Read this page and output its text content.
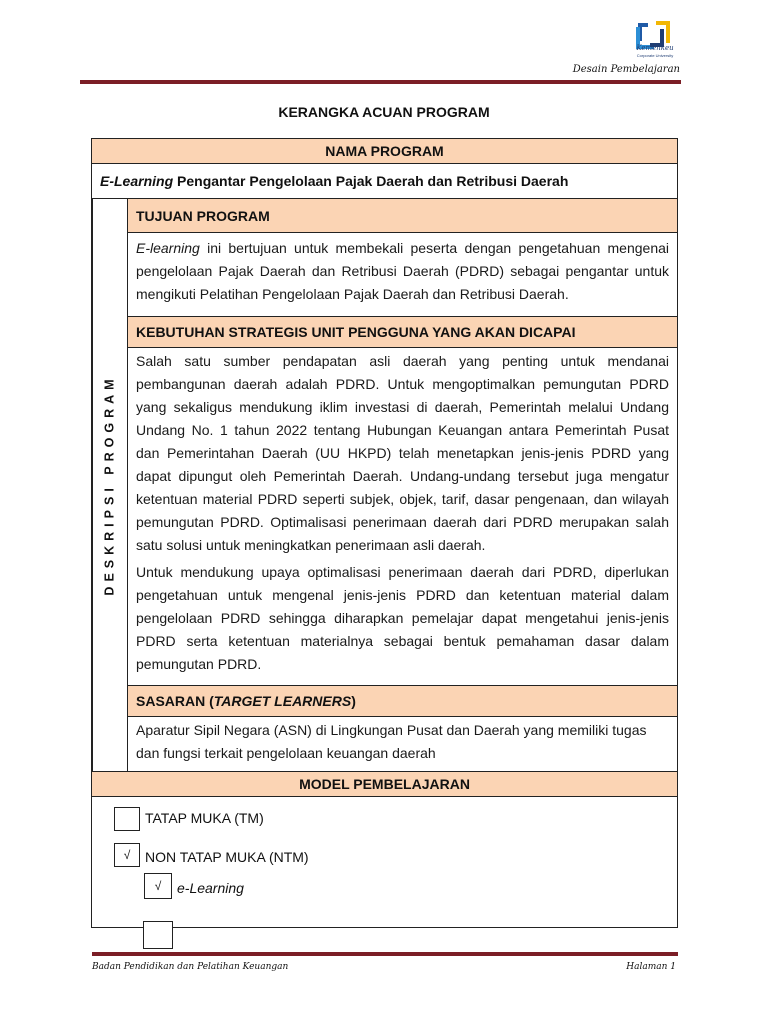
Kemenkeu
Corporate University
Desain Pembelajaran
KERANGKA ACUAN PROGRAM
NAMA PROGRAM
E-Learning Pengantar Pengelolaan Pajak Daerah dan Retribusi Daerah
DESKRIPSI PROGRAM
TUJUAN PROGRAM
E-learning ini bertujuan untuk membekali peserta dengan pengetahuan mengenai pengelolaan Pajak Daerah dan Retribusi Daerah (PDRD) sebagai pengantar untuk mengikuti Pelatihan Pengelolaan Pajak Daerah dan Retribusi Daerah.
KEBUTUHAN STRATEGIS UNIT PENGGUNA YANG AKAN DICAPAI
Salah satu sumber pendapatan asli daerah yang penting untuk mendanai pembangunan daerah adalah PDRD. Untuk mengoptimalkan pemungutan PDRD yang sekaligus mendukung iklim investasi di daerah, Pemerintah melalui Undang Undang No. 1 tahun 2022 tentang Hubungan Keuangan antara Pemerintah Pusat dan Pemerintahan Daerah (UU HKPD) telah menetapkan jenis-jenis PDRD yang dapat dipungut oleh Pemerintah Daerah. Undang-undang tersebut juga mengatur ketentuan material PDRD seperti subjek, objek, tarif, dasar pengenaan, dan wilayah pemungutan PDRD. Optimalisasi penerimaan daerah dari PDRD merupakan salah satu solusi untuk meningkatkan penerimaan asli daerah.
Untuk mendukung upaya optimalisasi penerimaan daerah dari PDRD, diperlukan pengetahuan untuk mengenal jenis-jenis PDRD dan ketentuan material dalam pengelolaan PDRD sehingga diharapkan pemelajar dapat mengetahui jenis-jenis PDRD serta ketentuan materialnya sebagai bentuk pemahaman dasar dalam pemungutan PDRD.
SASARAN ( TARGET LEARNERS )
Aparatur Sipil Negara (ASN) di Lingkungan Pusat dan Daerah yang memiliki tugas dan fungsi terkait pengelolaan keuangan daerah
MODEL PEMBELAJARAN
TATAP MUKA (TM)
√ NON TATAP MUKA (NTM)
√ e-Learning
Badan Pendidikan dan Pelatihan Keuangan	Halaman 1
